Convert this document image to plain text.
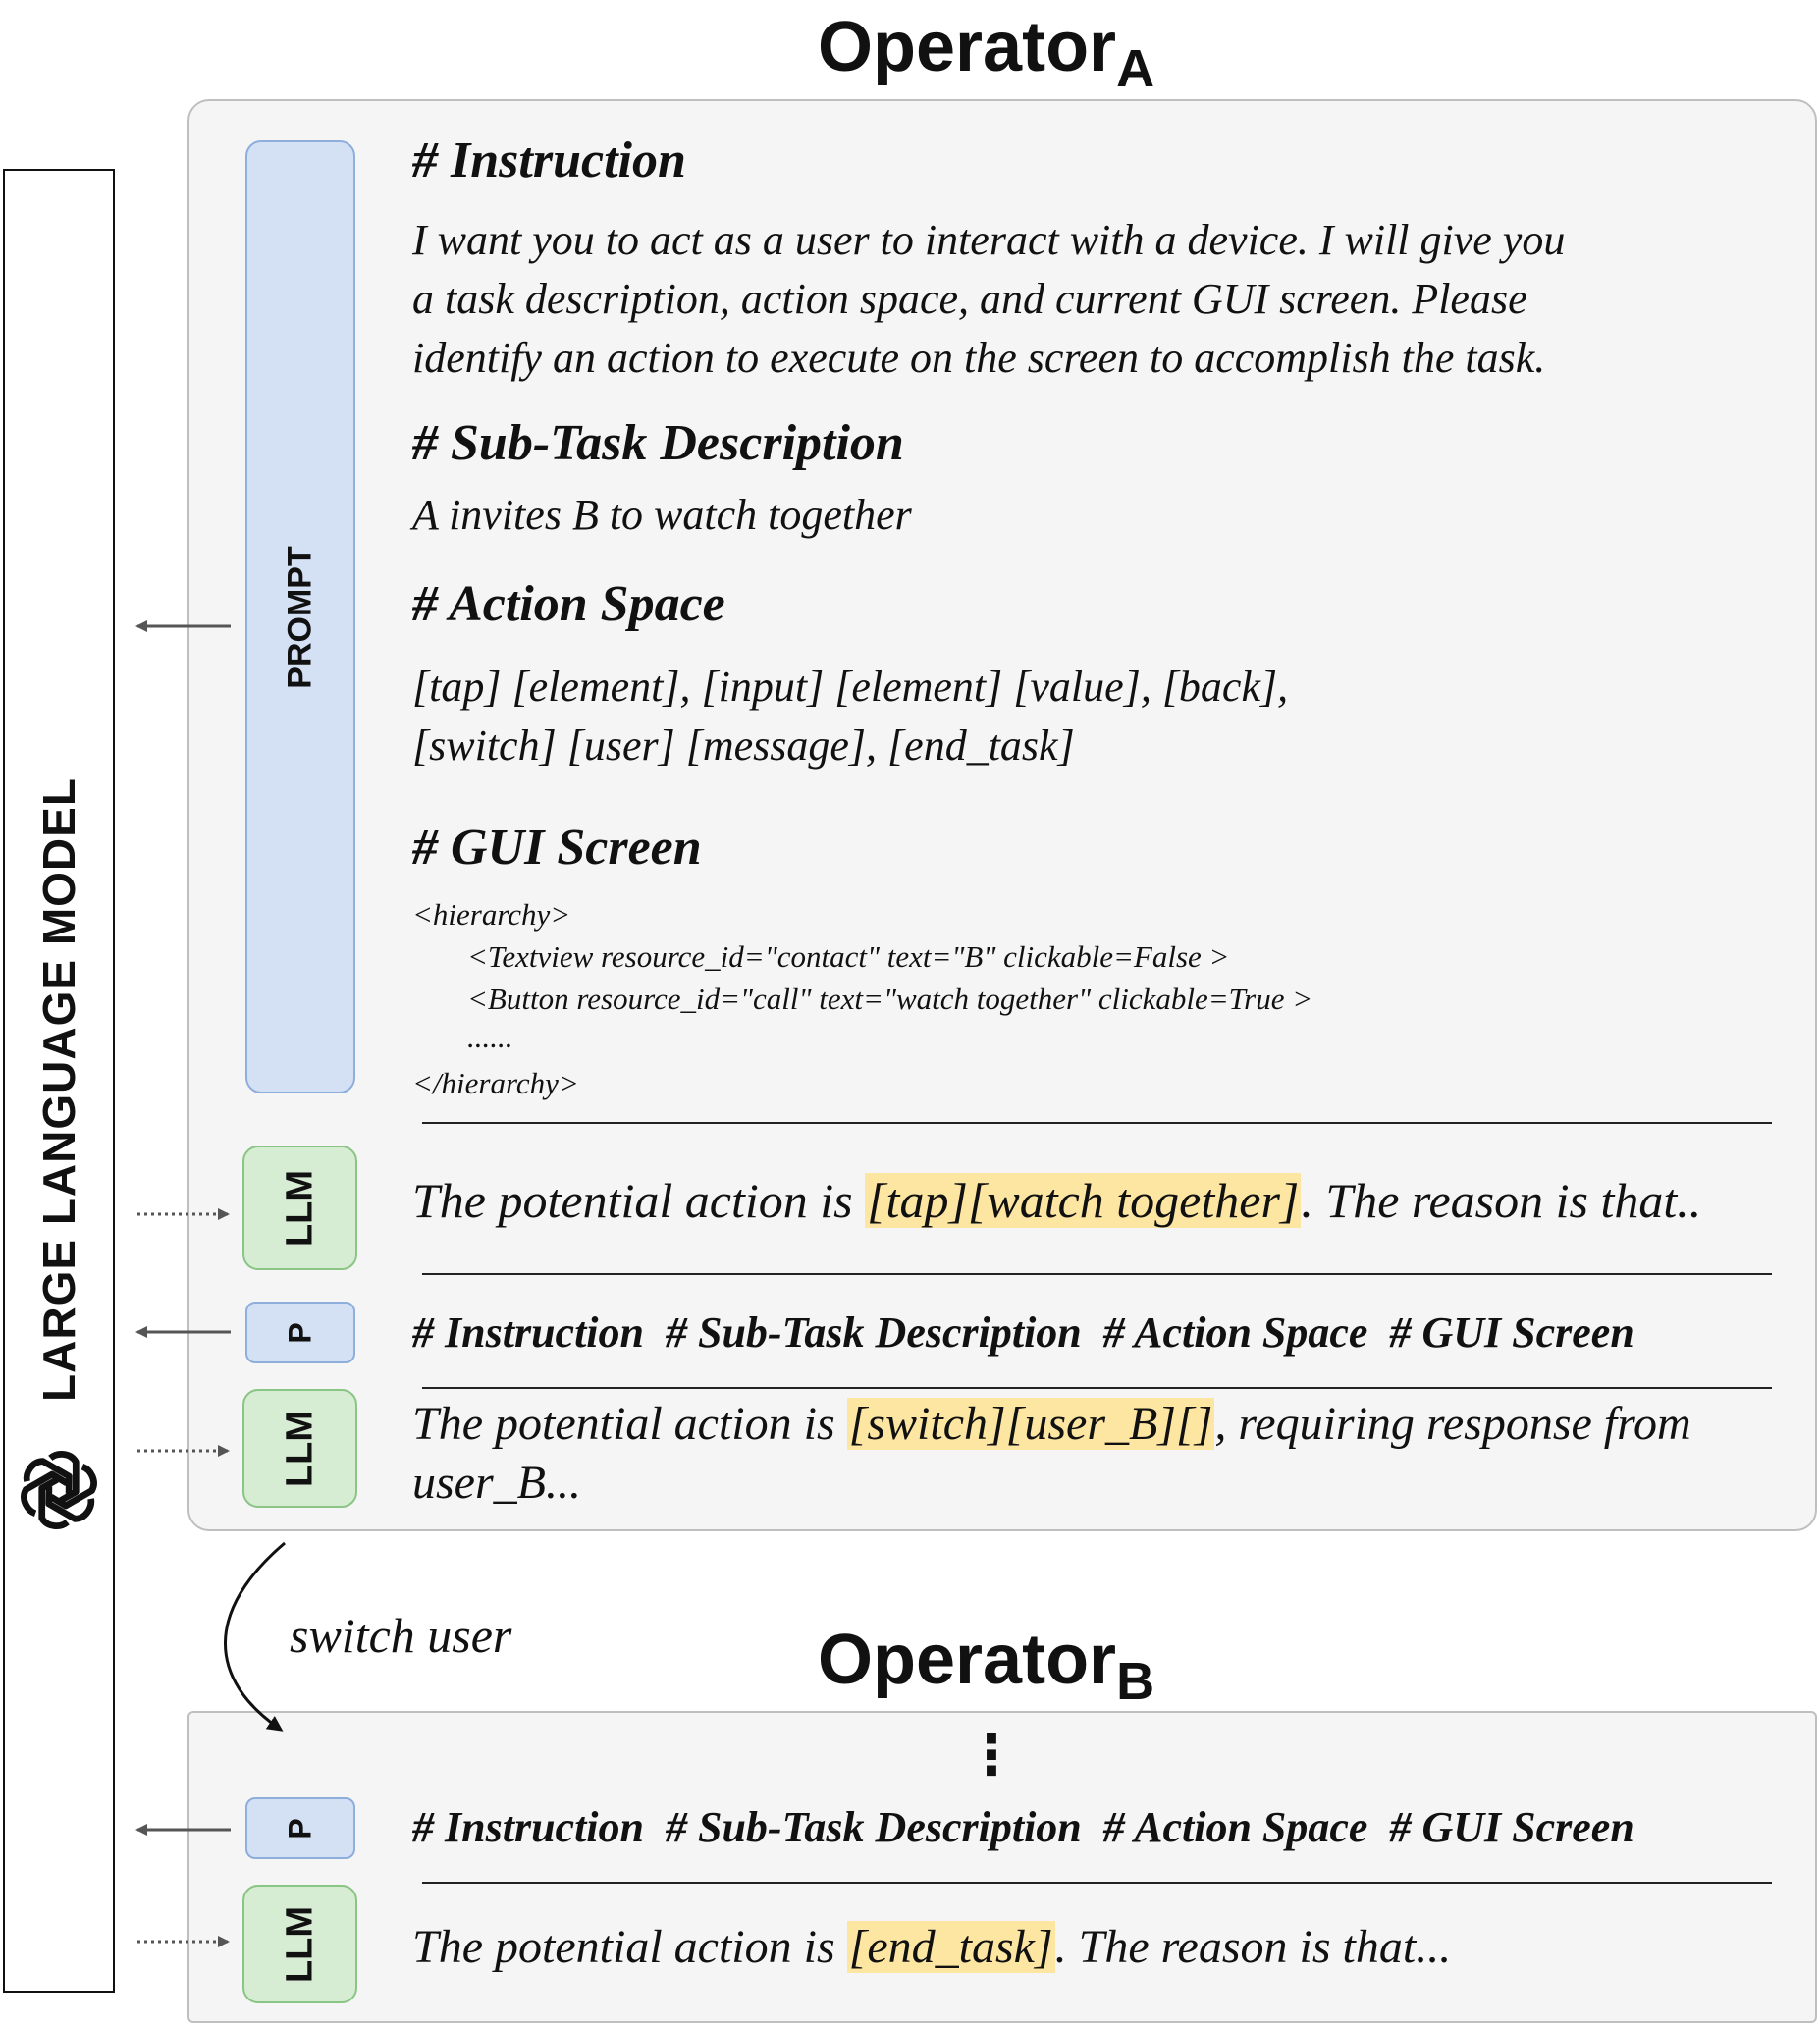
LARGE LANGUAGE MODEL
Operator$_A$
PROMPT
# Instruction
I want you to act as a user to interact with a device. I will give you
a task description, action space, and current GUI screen. Please
identify an action to execute on the screen to accomplish the task.
# Sub-Task Description
A invites B to watch together
# Action Space
[tap] [element], [input] [element] [value], [back],
[switch] [user] [message], [end_task]
# GUI Screen
<hierarchy>
<Textview resource_id="contact" text="B" clickable=False >
<Button resource_id="call" text="watch together" clickable=True >
......
</hierarchy>
LLM The potential action is [tap][watch together]. The reason is that..
P # Instruction  # Sub-Task Description  # Action Space  # GUI Screen
LLM The potential action is [switch][user_B][], requiring response from
user_B...
switch user	Operator$_B$
⋮
P # Instruction  # Sub-Task Description  # Action Space  # GUI Screen
LLM The potential action is [end_task]. The reason is that...
